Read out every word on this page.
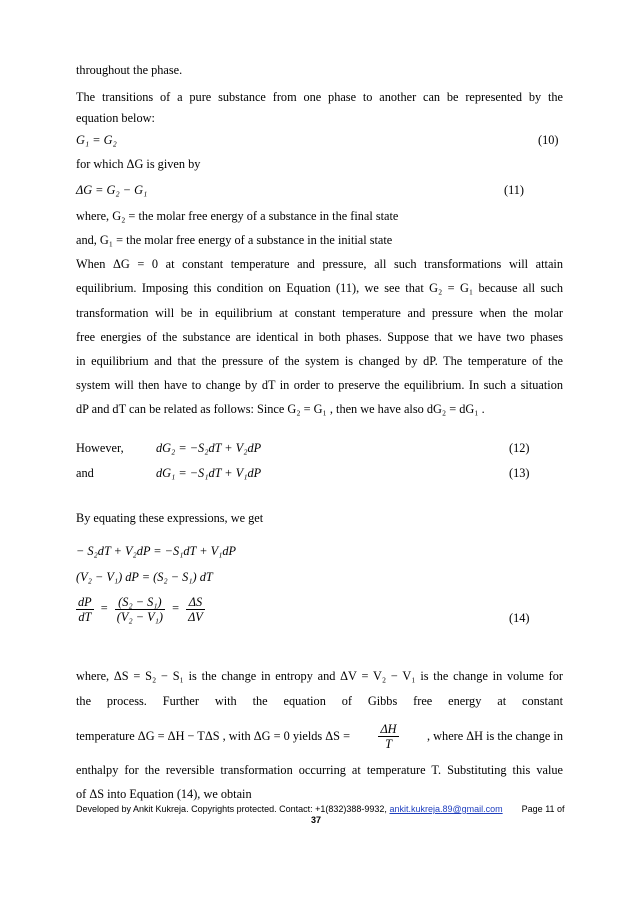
throughout the phase.
The transitions of a pure substance from one phase to another can be represented by the
equation below:
G₁ = G₂	(10)
for which ΔG is given by
ΔG = G₂ − G₁	(11)
where, G₂ = the molar free energy of a substance in the final state
and, G₁ = the molar free energy of a substance in the initial state
When ΔG = 0 at constant temperature and pressure, all such transformations will attain
equilibrium. Imposing this condition on Equation (11), we see that G₂ = G₁ because all such
transformation will be in equilibrium at constant temperature and pressure when the molar
free energies of the substance are identical in both phases. Suppose that we have two phases
in equilibrium and that the pressure of the system is changed by dP. The temperature of the
system will then have to change by dT in order to preserve the equilibrium. In such a situation
dP and dT can be related as follows: Since G₂ = G₁ , then we have also dG₂ = dG₁ .
However,	dG₂ = −S₂dT + V₂dP	(12)
and	dG₁ = −S₁dT + V₁dP	(13)
By equating these expressions, we get
− S₂dT + V₂dP = −S₁dT + V₁dP
(V₂ − V₁) dP = (S₂ − S₁) dT
$\frac{dP}{dT} = \frac{\text{(S₂ − S₁)}}{\text{(V₂ − V₁)}} = \frac{\Delta S}{\Delta V}$	(14)
where, ΔS = S₂ − S₁ is the change in entropy and ΔV = V₂ − V₁ is the change in volume for
the process. Further with the equation of Gibbs free energy at constant
temperature ΔG = ΔH − TΔS , with ΔG = 0 yields $\Delta S = \frac{\Delta H}{T}$ , where ΔH is the change in
enthalpy for the reversible transformation occurring at temperature T. Substituting this value
of ΔS into Equation (14), we obtain
Developed by Ankit Kukreja. Copyrights protected. Contact: +1(832)388-9932, ankit.kukreja.89@gmail.com Page 11 of
37
